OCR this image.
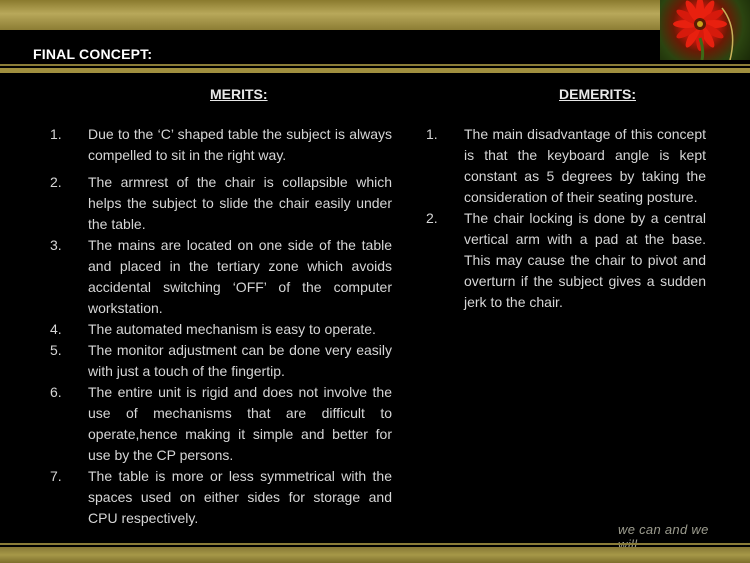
FINAL CONCEPT:
MERITS:	DEMERITS:
1. Due to the ‘C’ shaped table the subject is always compelled to sit in the right way.
2. The armrest of the chair is collapsible which helps the subject to slide the chair easily under the table.
3. The mains are located on one side of the table and placed in the tertiary zone which avoids accidental switching ‘OFF’ of the computer workstation.
4. The automated mechanism is easy to operate.
5. The monitor adjustment can be done very easily with just a touch of the fingertip.
6. The entire unit is rigid and does not involve the use of mechanisms that are difficult to operate,hence making it simple and better for use by the CP persons.
7. The table is more or less symmetrical with the spaces used on either sides for storage and CPU respectively.
1. The main disadvantage of this concept is that the keyboard angle is kept constant as 5 degrees by taking the consideration of their seating posture.
2. The chair locking is done by a central vertical arm with a pad at the base. This may cause the chair to pivot and overturn if the subject gives a sudden jerk to the chair.
we can and we
